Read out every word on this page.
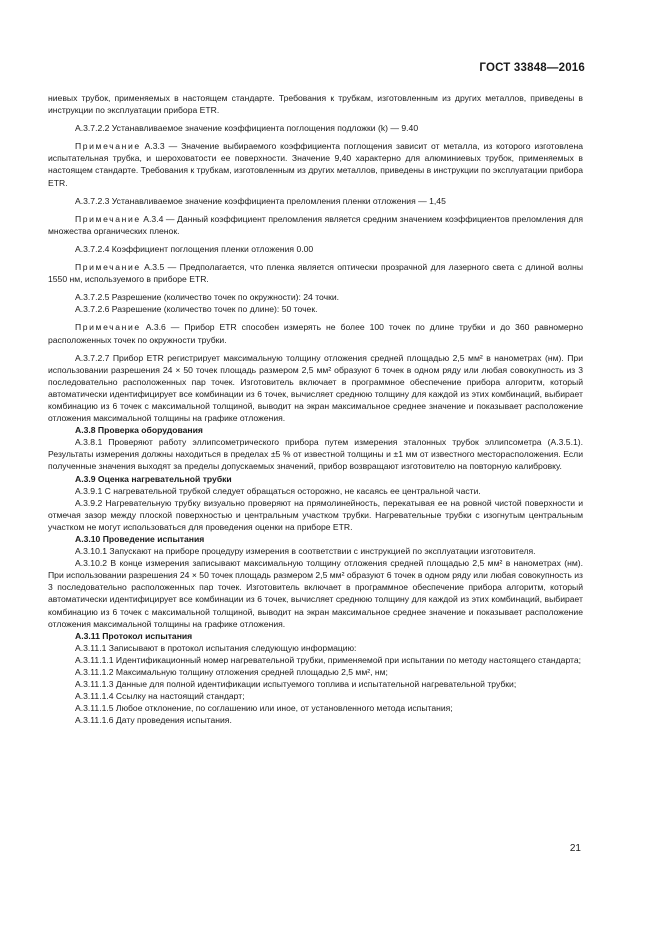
ГОСТ 33848—2016

ниевых трубок, применяемых в настоящем стандарте. Требования к трубкам, изготовленным из других металлов, приведены в инструкции по эксплуатации прибора ETR.

А.3.7.2.2 Устанавливаемое значение коэффициента поглощения подложки (k) — 9.40

Примечание А.3.3 — Значение выбираемого коэффициента поглощения зависит от металла, из которого изготовлена испытательная трубка, и шероховатости ее поверхности. Значение 9,40 характерно для алюминиевых трубок, применяемых в настоящем стандарте. Требования к трубкам, изготовленным из других металлов, приведены в инструкции по эксплуатации прибора ETR.

А.3.7.2.3 Устанавливаемое значение коэффициента преломления пленки отложения — 1,45

Примечание А.3.4 — Данный коэффициент преломления является средним значением коэффициентов преломления для множества органических пленок.

А.3.7.2.4 Коэффициент поглощения пленки отложения 0.00

Примечание А.3.5 — Предполагается, что пленка является оптически прозрачной для лазерного света с длиной волны 1550 нм, используемого в приборе ETR.

А.3.7.2.5 Разрешение (количество точек по окружности): 24 точки.

А.3.7.2.6 Разрешение (количество точек по длине): 50 точек.

Примечание А.3.6 — Прибор ETR способен измерять не более 100 точек по длине трубки и до 360 равномерно расположенных точек по окружности трубки.

А.3.7.2.7 Прибор ETR регистрирует максимальную толщину отложения средней площадью 2,5 мм² в нанометрах (нм). При использовании разрешения 24 × 50 точек площадь размером 2,5 мм² образуют 6 точек в одном ряду или любая совокупность из 3 последовательно расположенных пар точек. Изготовитель включает в программное обеспечение прибора алгоритм, который автоматически идентифицирует все комбинации из 6 точек, вычисляет среднюю толщину для каждой из этих комбинаций, выбирает комбинацию из 6 точек с максимальной толщиной, выводит на экран максимальное среднее значение и показывает расположение отложения максимальной толщины на графике отложения.

А.3.8 Проверка оборудования

А.3.8.1 Проверяют работу эллипсометрического прибора путем измерения эталонных трубок эллипсометра (А.3.5.1). Результаты измерения должны находиться в пределах ±5 % от известной толщины и ±1 мм от известного месторасположения. Если полученные значения выходят за пределы допускаемых значений, прибор возвращают изготовителю на повторную калибровку.

А.3.9 Оценка нагревательной трубки

А.3.9.1 С нагревательной трубкой следует обращаться осторожно, не касаясь ее центральной части.

А.3.9.2 Нагревательную трубку визуально проверяют на прямолинейность, перекатывая ее на ровной чистой поверхности и отмечая зазор между плоской поверхностью и центральным участком трубки. Нагревательные трубки с изогнутым центральным участком не могут использоваться для проведения оценки на приборе ETR.

А.3.10 Проведение испытания

А.3.10.1 Запускают на приборе процедуру измерения в соответствии с инструкцией по эксплуатации изготовителя.

А.3.10.2 В конце измерения записывают максимальную толщину отложения средней площадью 2,5 мм² в нанометрах (нм). При использовании разрешения 24 × 50 точек площадь размером 2,5 мм² образуют 6 точек в одном ряду или любая совокупность из 3 последовательно расположенных пар точек. Изготовитель включает в программное обеспечение прибора алгоритм, который автоматически идентифицирует все комбинации из 6 точек, вычисляет среднюю толщину для каждой из этих комбинаций, выбирает комбинацию из 6 точек с максимальной толщиной, выводит на экран максимальное среднее значение и показывает расположение отложения максимальной толщины на графике отложения.

А.3.11 Протокол испытания

А.3.11.1 Записывают в протокол испытания следующую информацию:

А.3.11.1.1 Идентификационный номер нагревательной трубки, применяемой при испытании по методу настоящего стандарта;

А.3.11.1.2 Максимальную толщину отложения средней площадью 2,5 мм², нм;

А.3.11.1.3 Данные для полной идентификации испытуемого топлива и испытательной нагревательной трубки;

А.3.11.1.4 Ссылку на настоящий стандарт;

А.3.11.1.5 Любое отклонение, по соглашению или иное, от установленного метода испытания;

А.3.11.1.6 Дату проведения испытания.

21
